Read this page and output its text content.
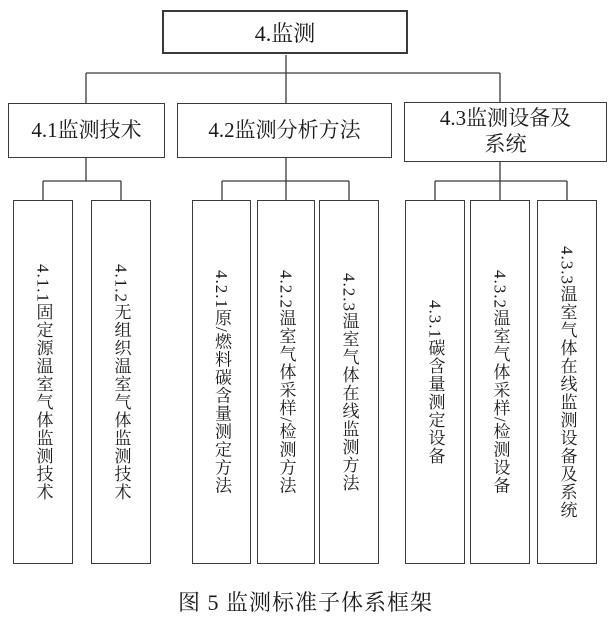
4.监测
4.1监测技术	4.2监测分析方法	4.3监测设备及
系统
4.1.1固定源温室气体监测技术	4.1.2无组织温室气体监测技术	4.2.1原/燃料碳含量测定方法	4.2.2温室气体采样/检测方法	4.2.3温室气体在线监测方法	4.3.1碳含量测定设备	4.3.2温室气体采样/检测设备	4.3.3温室气体在线监测设备及系统
图 5 监测标准子体系框架
